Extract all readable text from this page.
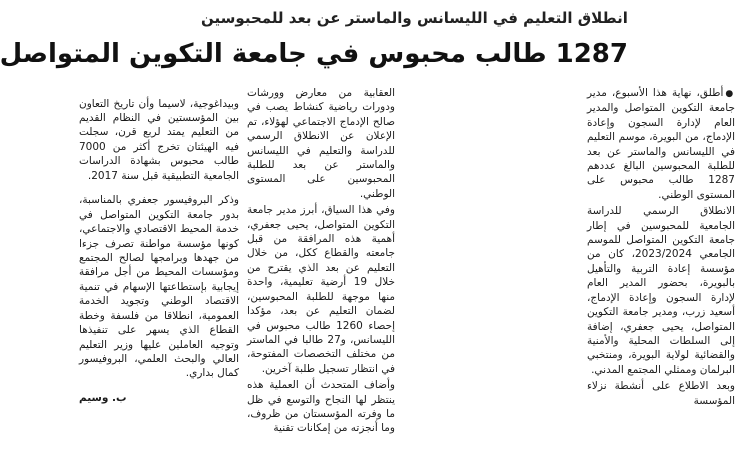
انطلاق التعليم في الليسانس والماستر عن بعد للمحبوسين
1287 طالب محبوس في جامعة التكوين المتواصل

●أطلق، نهاية هذا الأسبوع، مدير جامعة التكوين المتواصل والمدير العام لإدارة السجون وإعادة الإدماج، من البويرة، موسم التعليم في الليسانس والماستر عن بعد للطلبة المحبوسين البالغ عددهم 1287 طالب محبوس على المستوى الوطني.

الانطلاق الرسمي للدراسة الجامعية للمحبوسين في إطار جامعة التكوين المتواصل للموسم الجامعي 2023/2024، كان من مؤسسة إعادة التربية والتأهيل بالبويرة، بحضور المدير العام لإدارة السجون وإعادة الإدماج، أسعيد زرب، ومدير جامعة التكوين المتواصل، يحيى جعفري، إضافة إلى السلطات المحلية والأمنية والقضائية لولاية البويرة، ومنتخبي البرلمان وممثلي المجتمع المدني.

وبعد الاطلاع على أنشطة نزلاء المؤسسة

العقابية من معارض وورشات ودورات رياضية كنشاط يصب في صالح الإدماج الاجتماعي لهؤلاء، تم الإعلان عن الانطلاق الرسمي للدراسة والتعليم في الليسانس والماستر عن بعد للطلبة المحبوسين على المستوى الوطني.

وفي هذا السياق، أبرز مدير جامعة التكوين المتواصل، يحيى جعفري، أهمية هذه المرافقة من قبل جامعته والقطاع ككل، من خلال التعليم عن بعد الذي يقترح من خلال 19 أرضية تعليمية، واحدة منها موجهة للطلبة المحبوسين، لضمان التعليم عن بعد، مؤكدا إحصاء 1260 طالب محبوس في الليسانس، و27 طالبا في الماستر من مختلف التخصصات المفتوحة، في انتظار تسجيل طلبة آخرين.

وأضاف المتحدث أن العملية هذه ينتظر لها النجاح والتوسع في ظل ما وفرته المؤسستان من ظروف، وما أنجزته من إمكانات تقنية

وبيداغوجية، لاسيما وأن تاريخ التعاون بين المؤسستين في النظام القديم من التعليم يمتد لربع قرن، سجلت فيه الهيئتان تخرج أكثر من 7000 طالب محبوس بشهادة الدراسات الجامعية التطبيقية قبل سنة 2017.

وذكر البروفيسور جعفري بالمناسبة، بدور جامعة التكوين المتواصل في خدمة المحيط الاقتصادي والاجتماعي، كونها مؤسسة مواطنة تصرف جزءا من جهدها وبرامجها لصالح المجتمع ومؤسسات المحيط من أجل مرافقة إيجابية بإستطاعتها الإسهام في تنمية الاقتصاد الوطني وتجويد الخدمة العمومية، انطلاقا من فلسفة وخطة القطاع الذي يسهر على تنفيذها وتوجيه العاملين عليها وزير التعليم العالي والبحث العلمي، البروفيسور كمال بداري.

ب. وسيم
